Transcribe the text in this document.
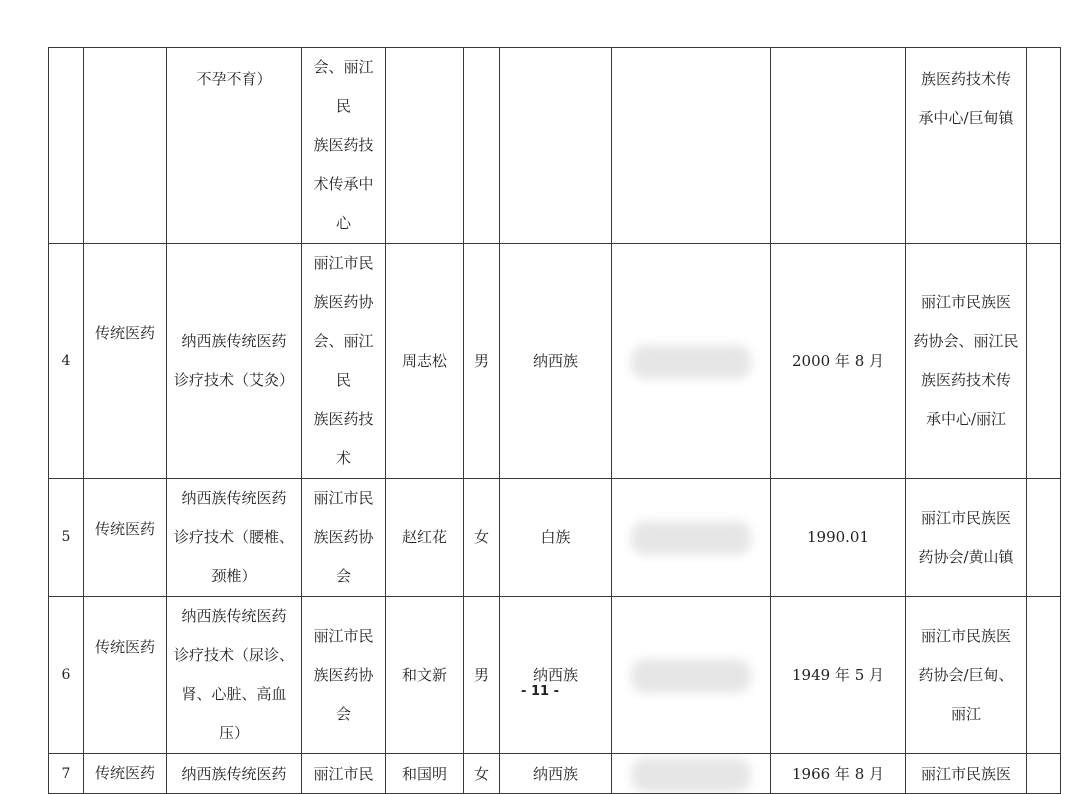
		不孕不育）	会、丽江民
族医药技
术传承中
心						族医药技术传
承中心/巨甸镇	

4	传统医药	纳西族传统医药
诊疗技术（艾灸）	丽江市民
族医药协
会、丽江民
族医药技
术	周志松	男	纳西族		2000 年 8 月	丽江市民族医
药协会、丽江民
族医药技术传
承中心/丽江	

5	传统医药	纳西族传统医药
诊疗技术（腰椎、
颈椎）	丽江市民
族医药协
会	赵红花	女	白族		1990.01	丽江市民族医
药协会/黄山镇	

6	传统医药	纳西族传统医药
诊疗技术（尿诊、
肾、心脏、高血压）	丽江市民
族医药协
会	和文新	男	纳西族		1949 年 5 月	丽江市民族医
药协会/巨甸、
丽江	

7	传统医药	纳西族传统医药	丽江市民	和国明	女	纳西族		1966 年 8 月	丽江市民族医	

- 11 -
